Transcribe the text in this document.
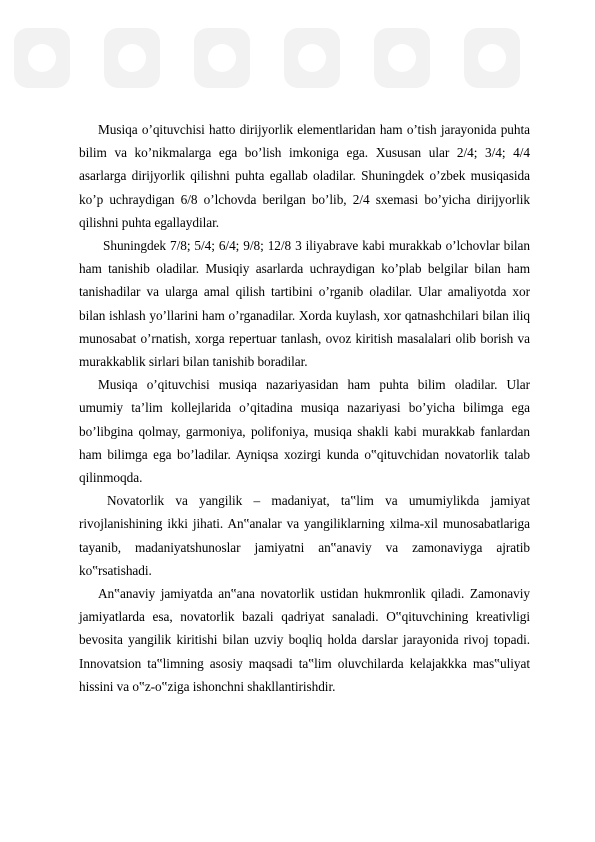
Musiqa o’qituvchisi hatto dirijyorlik elementlaridan ham o’tish jarayonida puhta bilim va ko’nikmalarga ega bo’lish imkoniga ega. Xususan ular 2/4; 3/4; 4/4 asarlarga dirijyorlik qilishni puhta egallab oladilar. Shuningdek o’zbek musiqasida ko’p uchraydigan 6/8 o’lchovda berilgan bo’lib, 2/4 sxemasi bo’yicha dirijyorlik qilishni puhta egallaydilar.

Shuningdek 7/8; 5/4; 6/4; 9/8; 12/8 3 iliyabrave kabi murakkab o’lchovlar bilan ham tanishib oladilar. Musiqiy asarlarda uchraydigan ko’plab belgilar bilan ham tanishadilar va ularga amal qilish tartibini o’rganib oladilar. Ular amaliyotda xor bilan ishlash yo’llarini ham o’rganadilar. Xorda kuylash, xor qatnashchilari bilan iliq munosabat o’rnatish, xorga repertuar tanlash, ovoz kiritish masalalari olib borish va murakkablik sirlari bilan tanishib boradilar.

Musiqa o’qituvchisi musiqa nazariyasidan ham puhta bilim oladilar. Ular umumiy ta’lim kollejlarida o’qitadina musiqa nazariyasi bo’yicha bilimga ega bo’libgina qolmay, garmoniya, polifoniya, musiqa shakli kabi murakkab fanlardan ham bilimga ega bo’ladilar. Ayniqsa xozirgi kunda o‟qituvchidan novatorlik talab qilinmoqda.

Novatorlik va yangilik – madaniyat, ta‟lim va umumiylikda jamiyat rivojlanishining ikki jihati. An‟analar va yangiliklarning xilma-xil munosabatlariga tayanib, madaniyatshunoslar jamiyatni an‟anaviy va zamonaviyga ajratib ko‟rsatishadi.

An‟anaviy jamiyatda an‟ana novatorlik ustidan hukmronlik qiladi. Zamonaviy jamiyatlarda esa, novatorlik bazali qadriyat sanaladi. O‟qituvchining kreativligi bevosita yangilik kiritishi bilan uzviy boqliq holda darslar jarayonida rivoj topadi. Innovatsion ta‟limning asosiy maqsadi ta‟lim oluvchilarda kelajakkka mas‟uliyat hissini va o‟z-o‟ziga ishonchni shakllantirishdir.
